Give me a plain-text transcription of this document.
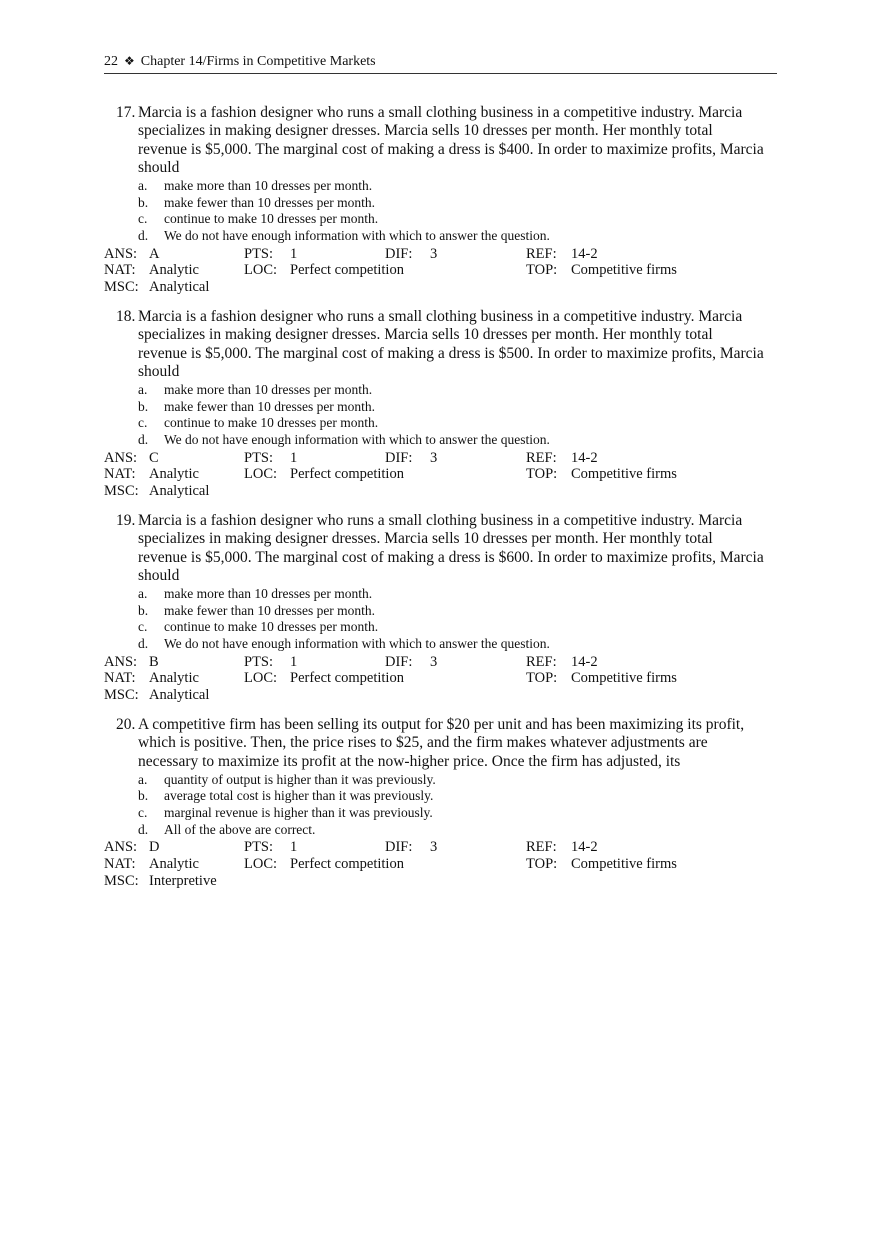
22 ❖ Chapter 14/Firms in Competitive Markets
17. Marcia is a fashion designer who runs a small clothing business in a competitive industry. Marcia specializes in making designer dresses. Marcia sells 10 dresses per month. Her monthly total revenue is $5,000. The marginal cost of making a dress is $400. In order to maximize profits, Marcia should
a. make more than 10 dresses per month.
b. make fewer than 10 dresses per month.
c. continue to make 10 dresses per month.
d. We do not have enough information with which to answer the question.
ANS: A	PTS: 1	DIF: 3	REF: 14-2
NAT: Analytic	LOC: Perfect competition	TOP: Competitive firms
MSC: Analytical
18. Marcia is a fashion designer who runs a small clothing business in a competitive industry. Marcia specializes in making designer dresses. Marcia sells 10 dresses per month. Her monthly total revenue is $5,000. The marginal cost of making a dress is $500. In order to maximize profits, Marcia should
a. make more than 10 dresses per month.
b. make fewer than 10 dresses per month.
c. continue to make 10 dresses per month.
d. We do not have enough information with which to answer the question.
ANS: C	PTS: 1	DIF: 3	REF: 14-2
NAT: Analytic	LOC: Perfect competition	TOP: Competitive firms
MSC: Analytical
19. Marcia is a fashion designer who runs a small clothing business in a competitive industry. Marcia specializes in making designer dresses. Marcia sells 10 dresses per month. Her monthly total revenue is $5,000. The marginal cost of making a dress is $600. In order to maximize profits, Marcia should
a. make more than 10 dresses per month.
b. make fewer than 10 dresses per month.
c. continue to make 10 dresses per month.
d. We do not have enough information with which to answer the question.
ANS: B	PTS: 1	DIF: 3	REF: 14-2
NAT: Analytic	LOC: Perfect competition	TOP: Competitive firms
MSC: Analytical
20. A competitive firm has been selling its output for $20 per unit and has been maximizing its profit, which is positive. Then, the price rises to $25, and the firm makes whatever adjustments are necessary to maximize its profit at the now-higher price. Once the firm has adjusted, its
a. quantity of output is higher than it was previously.
b. average total cost is higher than it was previously.
c. marginal revenue is higher than it was previously.
d. All of the above are correct.
ANS: D	PTS: 1	DIF: 3	REF: 14-2
NAT: Analytic	LOC: Perfect competition	TOP: Competitive firms
MSC: Interpretive
